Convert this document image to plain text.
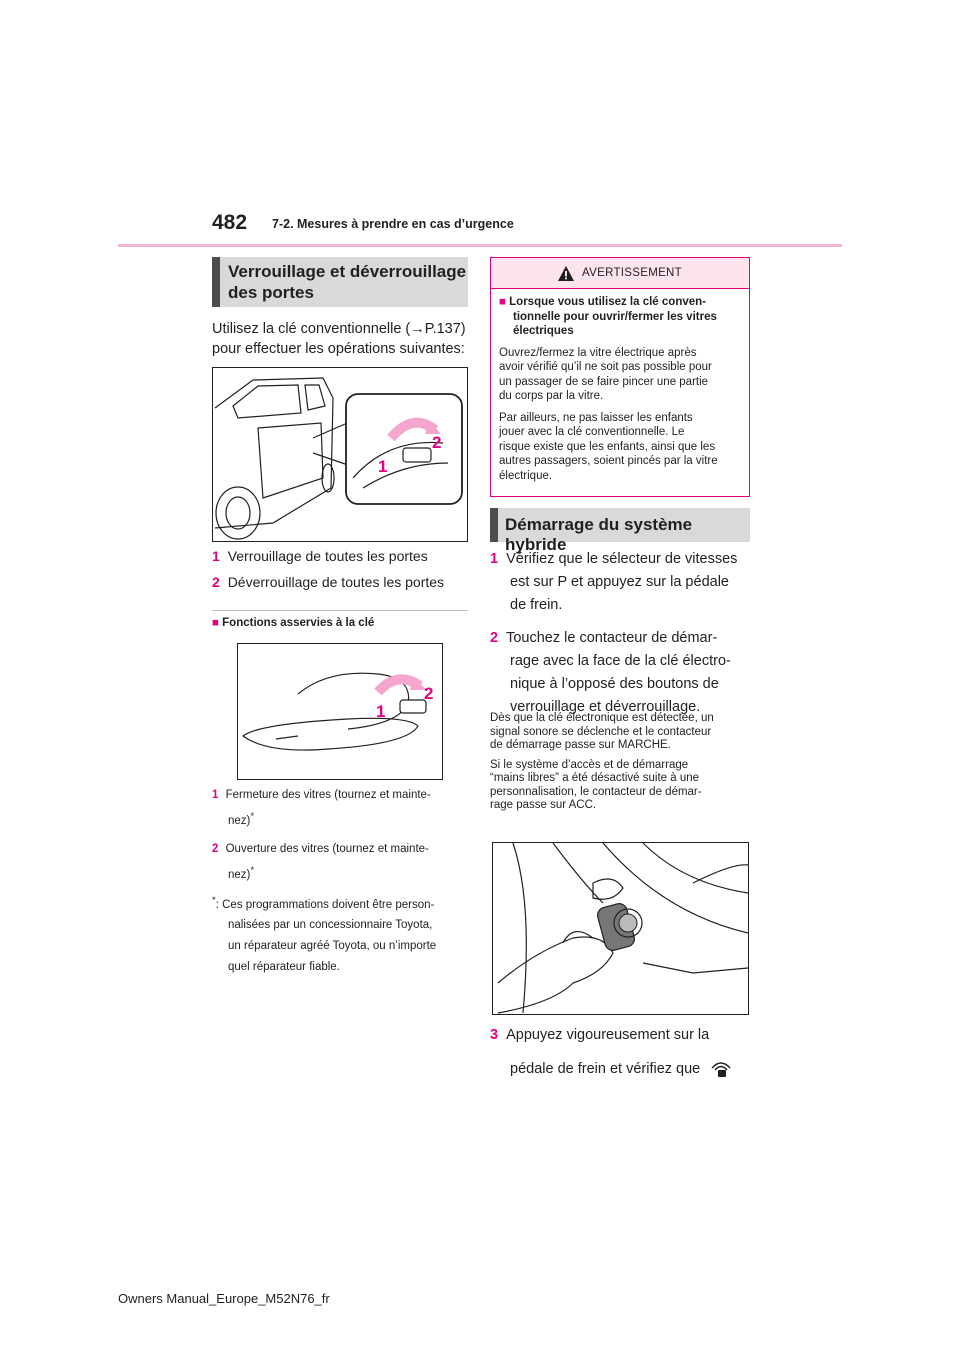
482 7-2. Mesures à prendre en cas d’urgence
Verrouillage et déverrouillage
des portes
Utilisez la clé conventionnelle (→P.137)
pour effectuer les opérations suivantes:
1
2
1 Verrouillage de toutes les portes
2 Déverrouillage de toutes les portes
■ Fonctions asservies à la clé
1
2
1 Fermeture des vitres (tournez et mainte-
nez)*
2 Ouverture des vitres (tournez et mainte-
nez)*
*: Ces programmations doivent être person-
nalisées par un concessionnaire Toyota,
un réparateur agréé Toyota, ou n’importe
quel réparateur fiable.
AVERTISSEMENT

■ Lorsque vous utilisez la clé conven-
tionnelle pour ouvrir/fermer les vitres
électriques

Ouvrez/fermez la vitre électrique après
avoir vérifié qu’il ne soit pas possible pour
un passager de se faire pincer une partie
du corps par la vitre.

Par ailleurs, ne pas laisser les enfants
jouer avec la clé conventionnelle. Le
risque existe que les enfants, ainsi que les
autres passagers, soient pincés par la vitre
électrique.

Démarrage du système hybride
1 Vérifiez que le sélecteur de vitesses
est sur P et appuyez sur la pédale
de frein.
2 Touchez le contacteur de démar-
rage avec la face de la clé électro-
nique à l’opposé des boutons de
verrouillage et déverrouillage.
Dès que la clé électronique est détectée, un
signal sonore se déclenche et le contacteur
de démarrage passe sur MARCHE.
Si le système d’accès et de démarrage
“mains libres” a été désactivé suite à une
personnalisation, le contacteur de démar-
rage passe sur ACC.
3 Appuyez vigoureusement sur la
pédale de frein et vérifiez que
Owners Manual_Europe_M52N76_fr
